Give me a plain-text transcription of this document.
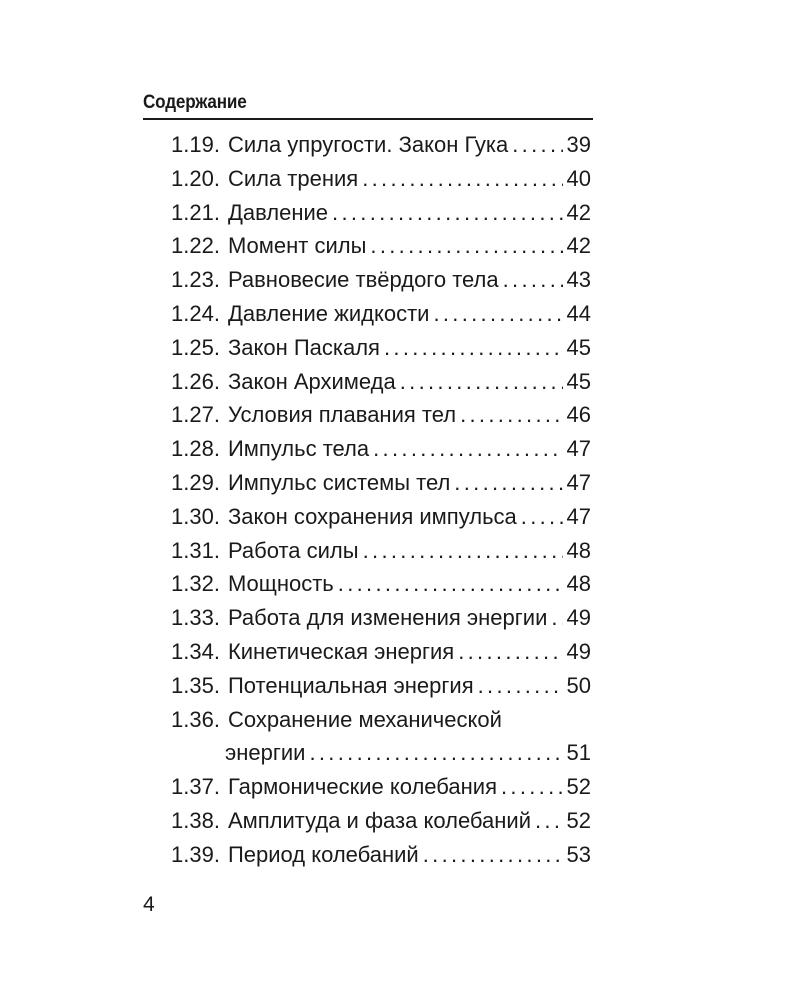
Содержание
1.19. Сила упругости. Закон Гука . . .	39
1.20. Сила трения . . .	40
1.21. Давление . . .	42
1.22. Момент силы . . .	42
1.23. Равновесие твёрдого тела . . .	43
1.24. Давление жидкости . . .	44
1.25. Закон Паскаля . . .	45
1.26. Закон Архимеда . . .	45
1.27. Условия плавания тел . . .	46
1.28. Импульс тела . . .	47
1.29. Импульс системы тел . . .	47
1.30. Закон сохранения импульса . . . 47
1.31. Работа силы . . .	48
1.32. Мощность . . .	48
1.33. Работа для изменения энергии . . . 49
1.34. Кинетическая энергия . . .	49
1.35. Потенциальная энергия . . .	50
1.36. Сохранение механической
энергии . . .	51
1.37. Гармонические колебания . . .	52
1.38. Амплитуда и фаза колебаний . . . 52
1.39. Период колебаний . . .	53
4
